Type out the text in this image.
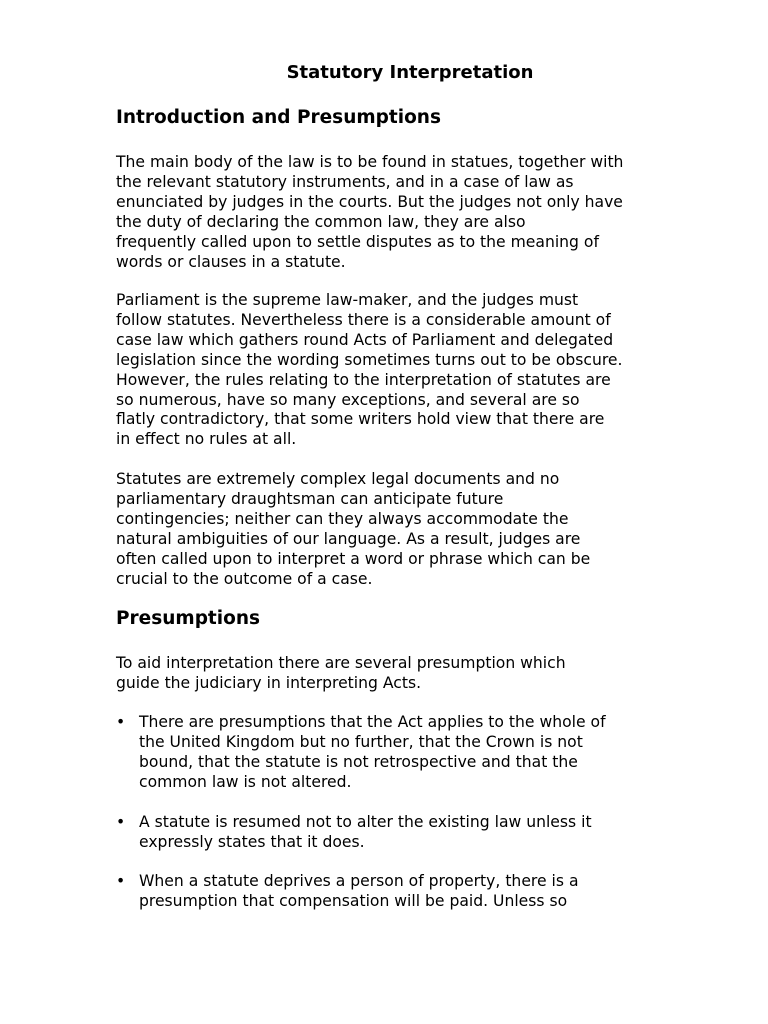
Statutory Interpretation
Introduction and Presumptions

The main body of the law is to be found in statues, together with
the relevant statutory instruments, and in a case of law as
enunciated by judges in the courts. But the judges not only have
the duty of declaring the common law, they are also
frequently called upon to settle disputes as to the meaning of
words or clauses in a statute.

Parliament is the supreme law-maker, and the judges must
follow statutes. Nevertheless there is a considerable amount of
case law which gathers round Acts of Parliament and delegated
legislation since the wording sometimes turns out to be obscure.
However, the rules relating to the interpretation of statutes are
so numerous, have so many exceptions, and several are so
flatly contradictory, that some writers hold view that there are
in effect no rules at all.

Statutes are extremely complex legal documents and no
parliamentary draughtsman can anticipate future
contingencies; neither can they always accommodate the
natural ambiguities of our language. As a result, judges are
often called upon to interpret a word or phrase which can be
crucial to the outcome of a case.

Presumptions

To aid interpretation there are several presumption which
guide the judiciary in interpreting Acts.

• There are presumptions that the Act applies to the whole of
the United Kingdom but no further, that the Crown is not
bound, that the statute is not retrospective and that the
common law is not altered.
• A statute is resumed not to alter the existing law unless it
expressly states that it does.
• When a statute deprives a person of property, there is a
presumption that compensation will be paid. Unless so
